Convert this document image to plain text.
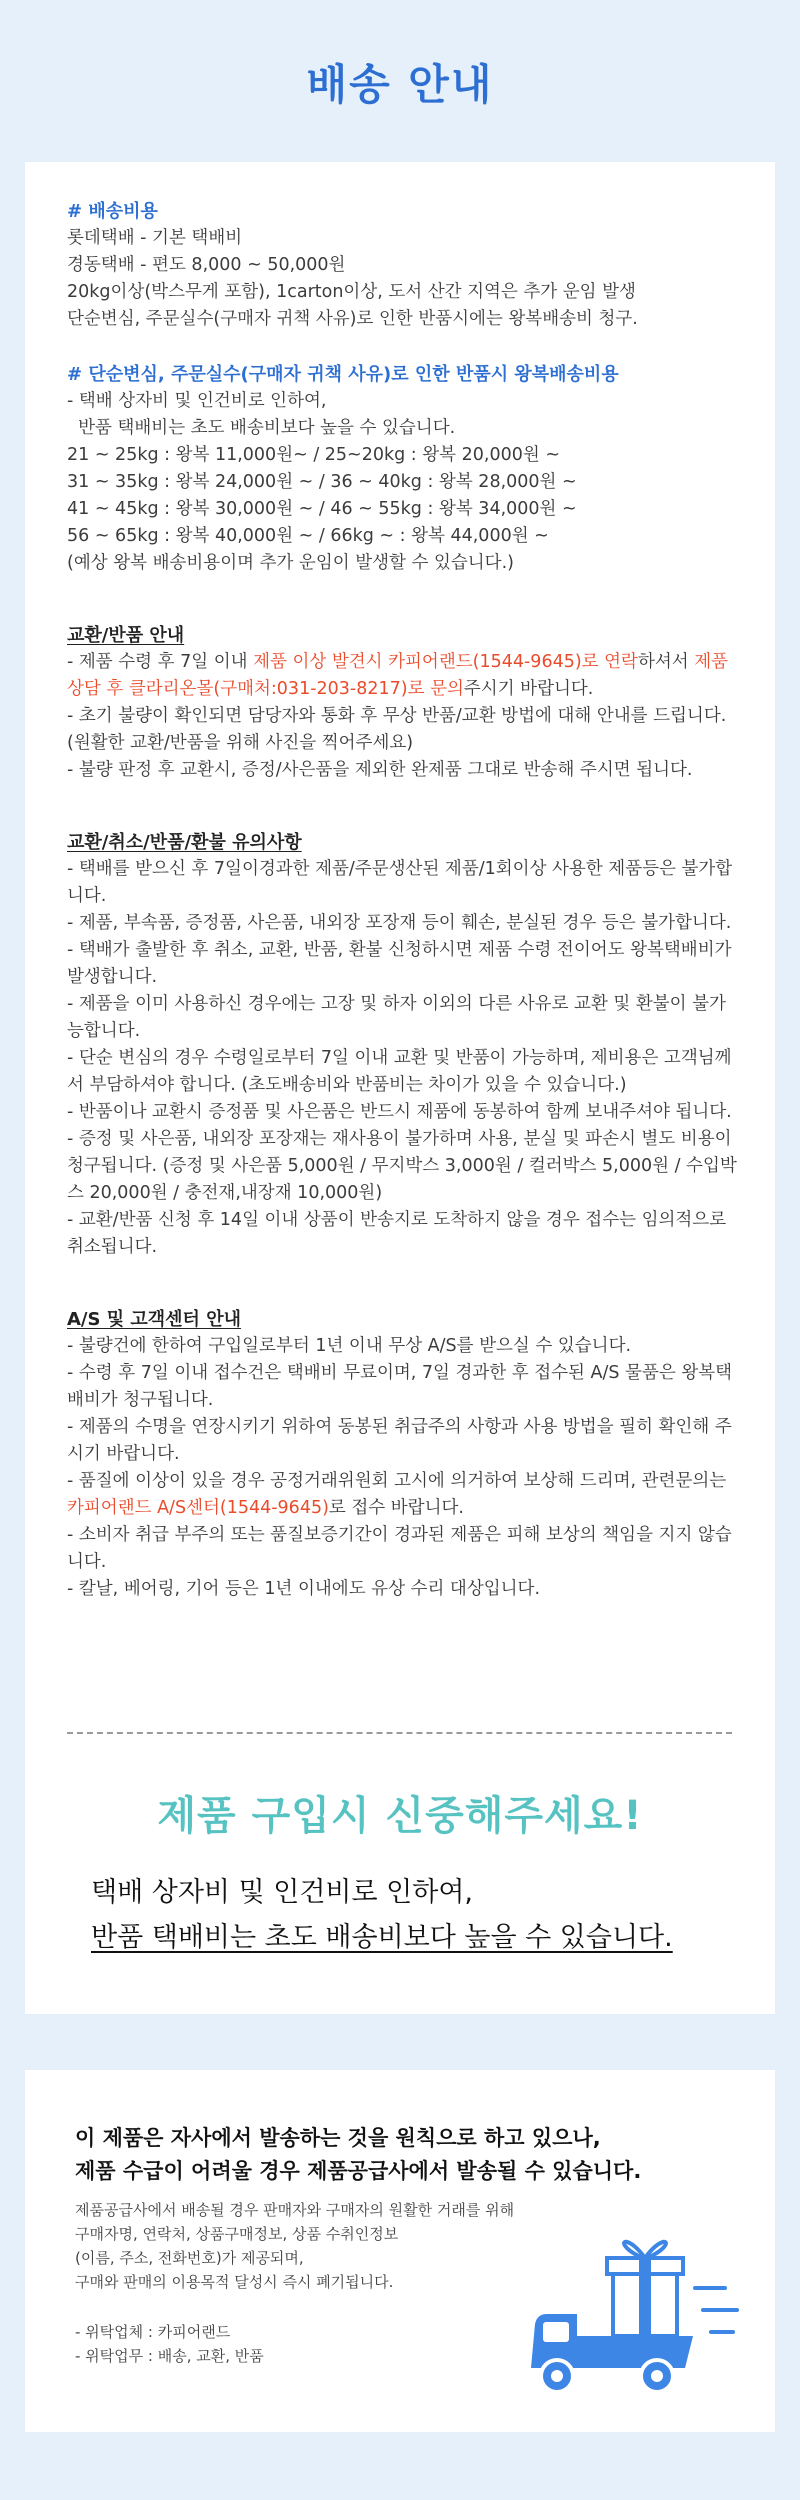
배송 안내
# 배송비용
롯데택배 - 기본 택배비
경동택배 - 편도 8,000 ~ 50,000원
20kg이상(박스무게 포함), 1carton이상, 도서 산간 지역은 추가 운임 발생
단순변심, 주문실수(구매자 귀책 사유)로 인한 반품시에는 왕복배송비 청구.
# 단순변심, 주문실수(구매자 귀책 사유)로 인한 반품시 왕복배송비용
- 택배 상자비 및 인건비로 인하여,
반품 택배비는 초도 배송비보다 높을 수 있습니다.
21 ~ 25kg : 왕복 11,000원~ / 25~20kg : 왕복 20,000원 ~
31 ~ 35kg : 왕복 24,000원 ~ / 36 ~ 40kg : 왕복 28,000원 ~
41 ~ 45kg : 왕복 30,000원 ~ / 46 ~ 55kg : 왕복 34,000원 ~
56 ~ 65kg : 왕복 40,000원 ~ / 66kg ~ : 왕복 44,000원 ~
(예상 왕복 배송비용이며 추가 운임이 발생할 수 있습니다.)
교환/반품 안내
- 제품 수령 후 7일 이내 제품 이상 발견시 카피어랜드(1544-9645)로 연락하셔서 제품 상담 후 클라리온몰(구매처:031-203-8217)로 문의주시기 바랍니다.
- 초기 불량이 확인되면 담당자와 통화 후 무상 반품/교환 방법에 대해 안내를 드립니다.
(원활한 교환/반품을 위해 사진을 찍어주세요)
- 불량 판정 후 교환시, 증정/사은품을 제외한 완제품 그대로 반송해 주시면 됩니다.
교환/취소/반품/환불 유의사항
- 택배를 받으신 후 7일이경과한 제품/주문생산된 제품/1회이상 사용한 제품등은 불가합니다.
- 제품, 부속품, 증정품, 사은품, 내외장 포장재 등이 훼손, 분실된 경우 등은 불가합니다.
- 택배가 출발한 후 취소, 교환, 반품, 환불 신청하시면 제품 수령 전이어도 왕복택배비가 발생합니다.
- 제품을 이미 사용하신 경우에는 고장 및 하자 이외의 다른 사유로 교환 및 환불이 불가능합니다.
- 단순 변심의 경우 수령일로부터 7일 이내 교환 및 반품이 가능하며, 제비용은 고객님께서 부담하셔야 합니다. (초도배송비와 반품비는 차이가 있을 수 있습니다.)
- 반품이나 교환시 증정품 및 사은품은 반드시 제품에 동봉하여 함께 보내주셔야 됩니다.
- 증정 및 사은품, 내외장 포장재는 재사용이 불가하며 사용, 분실 및 파손시 별도 비용이 청구됩니다. (증정 및 사은품 5,000원 / 무지박스 3,000원 / 컬러박스 5,000원 / 수입박스 20,000원 / 충전재,내장재 10,000원)
- 교환/반품 신청 후 14일 이내 상품이 반송지로 도착하지 않을 경우 접수는 임의적으로 취소됩니다.
A/S 및 고객센터 안내
- 불량건에 한하여 구입일로부터 1년 이내 무상 A/S를 받으실 수 있습니다.
- 수령 후 7일 이내 접수건은 택배비 무료이며, 7일 경과한 후 접수된 A/S 물품은 왕복택배비가 청구됩니다.
- 제품의 수명을 연장시키기 위하여 동봉된 취급주의 사항과 사용 방법을 필히 확인해 주시기 바랍니다.
- 품질에 이상이 있을 경우 공정거래위원회 고시에 의거하여 보상해 드리며, 관련문의는 카피어랜드 A/S센터(1544-9645)로 접수 바랍니다.
- 소비자 취급 부주의 또는 품질보증기간이 경과된 제품은 피해 보상의 책임을 지지 않습니다.
- 칼날, 베어링, 기어 등은 1년 이내에도 유상 수리 대상입니다.
제품 구입시 신중해주세요!
택배 상자비 및 인건비로 인하여,
반품 택배비는 초도 배송비보다 높을 수 있습니다.
이 제품은 자사에서 발송하는 것을 원칙으로 하고 있으나,
제품 수급이 어려울 경우 제품공급사에서 발송될 수 있습니다.
제품공급사에서 배송될 경우 판매자와 구매자의 원활한 거래를 위해
구매자명, 연락처, 상품구매정보, 상품 수취인정보
(이름, 주소, 전화번호)가 제공되며,
구매와 판매의 이용목적 달성시 즉시 폐기됩니다.
- 위탁업체 : 카피어랜드
- 위탁업무 : 배송, 교환, 반품
